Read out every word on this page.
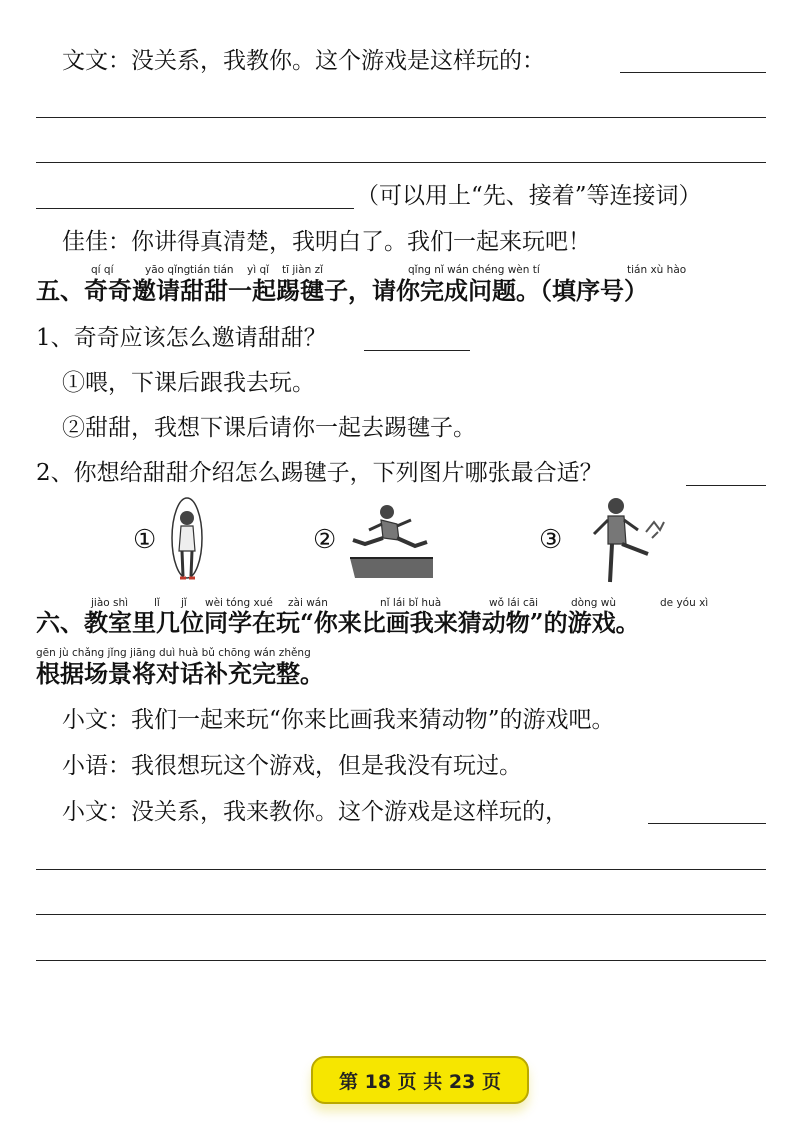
文文：没关系，我教你。这个游戏是这样玩的：
（可以用上“先、接着”等连接词）
佳佳：你讲得真清楚，我明白了。我们一起来玩吧！
qí qí	yāo qǐng tián tián yì qǐ tī jiàn zǐ	qǐng nǐ wán chéng wèn tí	tián xù hào
五、奇奇邀请甜甜一起踢毽子，请你完成问题。（填序号）
1、奇奇应该怎么邀请甜甜？
①喂，下课后跟我去玩。
②甜甜，我想下课后请你一起去踢毽子。
2、你想给甜甜介绍怎么踢毽子，下列图片哪张最合适？
①	②	③
jiào shì lǐ jǐ wèi tóng xué zài wán	nǐ lái bǐ huà	wǒ lái cāi	dòng wù	de yóu xì
六、教室里几位同学在玩“你来比画我来猜动物”的游戏。
gēn jù chǎng jǐng jiāng duì huà bǔ chōng wán zhěng
根据场景将对话补充完整。
小文：我们一起来玩“你来比画我来猜动物”的游戏吧。
小语：我很想玩这个游戏，但是我没有玩过。
小文：没关系，我来教你。这个游戏是这样玩的，
第 18 页 共 23 页
